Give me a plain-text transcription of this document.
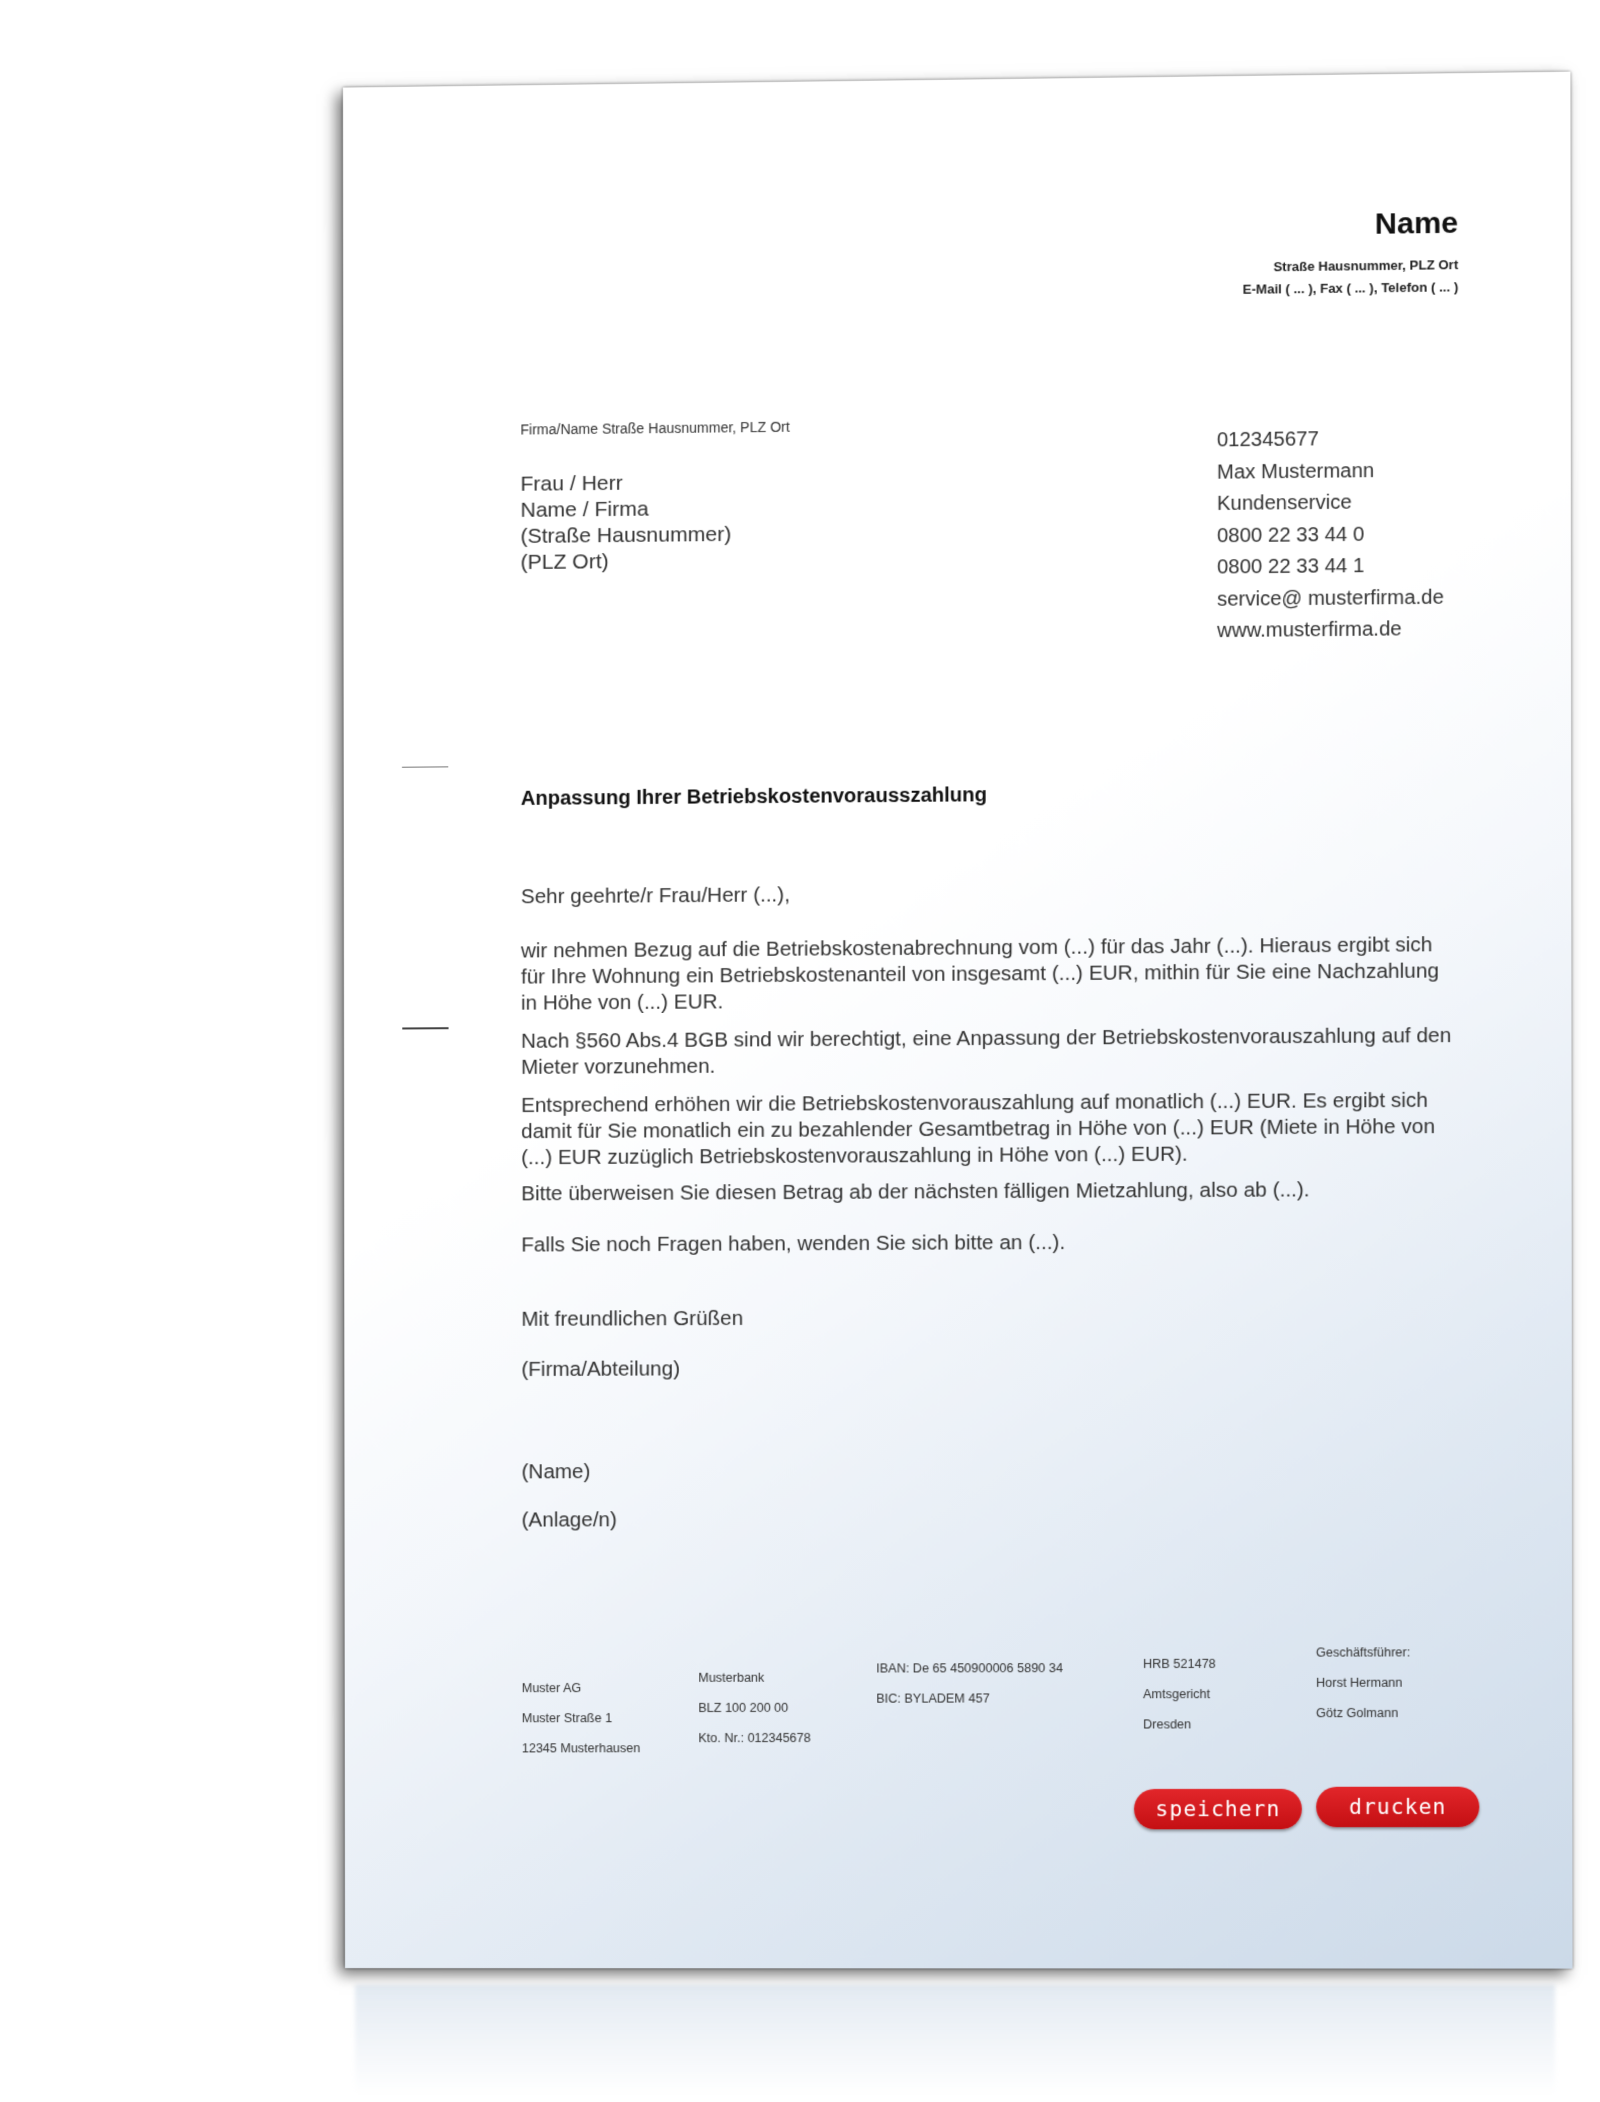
Name
Straße Hausnummer, PLZ Ort
E-Mail ( ... ), Fax ( ... ), Telefon ( ... )
Firma/Name Straße Hausnummer, PLZ Ort
Frau / Herr
Name / Firma
(Straße Hausnummer)
(PLZ Ort)
012345677
Max Mustermann
Kundenservice
0800 22 33 44 0
0800 22 33 44 1
service@ musterfirma.de
www.musterfirma.de
Anpassung Ihrer Betriebskostenvorausszahlung
Sehr geehrte/r Frau/Herr (...),

wir nehmen Bezug auf die Betriebskostenabrechnung vom (...) für das Jahr (...). Hieraus ergibt sich für Ihre Wohnung ein Betriebskostenanteil von insgesamt (...) EUR, mithin für Sie eine Nachzahlung in Höhe von (...) EUR.

Nach §560 Abs.4 BGB sind wir berechtigt, eine Anpassung der Betriebskostenvorauszahlung auf den Mieter vorzunehmen.

Entsprechend erhöhen wir die Betriebskostenvorauszahlung auf monatlich (...) EUR. Es ergibt sich damit für Sie monatlich ein zu bezahlender Gesamtbetrag in Höhe von (...) EUR (Miete in Höhe von (...) EUR zuzüglich Betriebskostenvorauszahlung in Höhe von (...) EUR).

Bitte überweisen Sie diesen Betrag ab der nächsten fälligen Mietzahlung, also ab (...).

Falls Sie noch Fragen haben, wenden Sie sich bitte an (...).

Mit freundlichen Grüßen
(Firma/Abteilung)
(Name)
(Anlage/n)
Muster AG
Muster Straße 1
12345 Musterhausen
Musterbank
BLZ 100 200 00
Kto. Nr.: 012345678
IBAN: De 65 450900006 5890 34
BIC: BYLADEM 457
HRB 521478
Amtsgericht
Dresden
Geschäftsführer:
Horst Hermann
Götz Golmann
speichern	drucken
